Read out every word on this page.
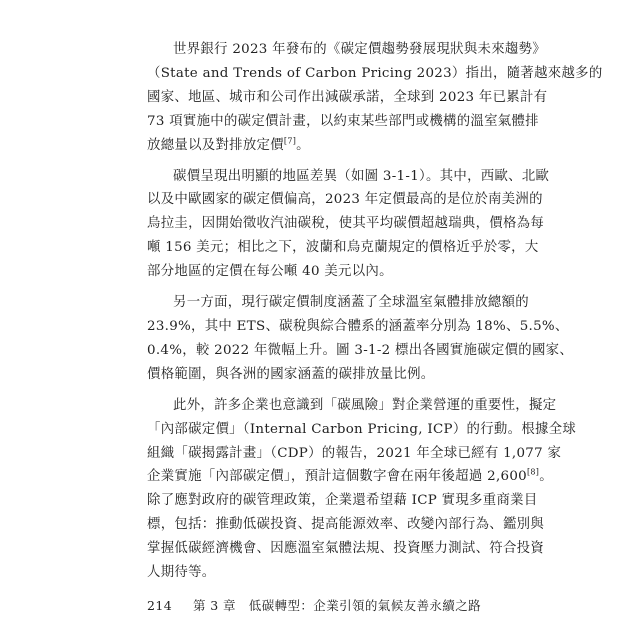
世界銀行 2023 年發布的《碳定價趨勢發展現狀與未來趨勢》
（State and Trends of Carbon Pricing 2023）指出，隨著越來越多的
國家、地區、城市和公司作出減碳承諾，全球到 2023 年已累計有
73 項實施中的碳定價計畫，以約束某些部門或機構的溫室氣體排
放總量以及對排放定價[7]。

碳價呈現出明顯的地區差異（如圖 3-1-1）。其中，西歐、北歐
以及中歐國家的碳定價偏高，2023 年定價最高的是位於南美洲的
烏拉圭，因開始徵收汽油碳稅，使其平均碳價超越瑞典，價格為每
噸 156 美元；相比之下，波蘭和烏克蘭規定的價格近乎於零，大
部分地區的定價在每公噸 40 美元以內。

另一方面，現行碳定價制度涵蓋了全球溫室氣體排放總額的
23.9%，其中 ETS、碳稅與綜合體系的涵蓋率分別為 18%、5.5%、
0.4%，較 2022 年微幅上升。圖 3-1-2 標出各國實施碳定價的國家、
價格範圍，與各洲的國家涵蓋的碳排放量比例。

此外，許多企業也意識到「碳風險」對企業營運的重要性，擬定
「內部碳定價」（Internal Carbon Pricing, ICP）的行動。根據全球
組織「碳揭露計畫」（CDP）的報告，2021 年全球已經有 1,077 家
企業實施「內部碳定價」，預計這個數字會在兩年後超過 2,600[8]。
除了應對政府的碳管理政策，企業還希望藉 ICP 實現多重商業目
標，包括：推動低碳投資、提高能源效率、改變內部行為、鑑別與
掌握低碳經濟機會、因應溫室氣體法規、投資壓力測試、符合投資
人期待等。

214 第 3 章　低碳轉型：企業引領的氣候友善永續之路
